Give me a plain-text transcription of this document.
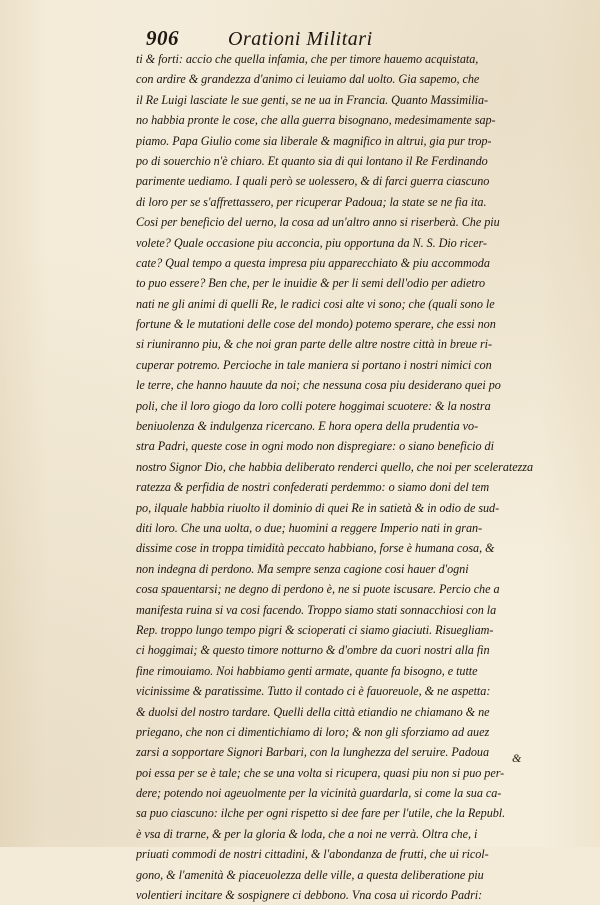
906 Orationi Militari
ti & forti: accio che quella infamia, che per timore hauemo acquistata,
con ardire & grandezza d'animo ci leuiamo dal uolto. Gia sapemo, che
il Re Luigi lasciate le sue genti, se ne ua in Francia. Quanto Massimilia-
no habbia pronte le cose, che alla guerra bisognano, medesimamente sap-
piamo. Papa Giulio come sia liberale & magnifico in altrui, gia pur trop-
po di souerchio n'è chiaro. Et quanto sia di qui lontano il Re Ferdinando
parimente uediamo. I quali però se uolessero, & di farci guerra ciascuno
di loro per se s'affrettassero, per ricuperar Padoua; la state se ne fia ita.
Cosi per beneficio del uerno, la cosa ad un'altro anno si riserberà. Che piu
volete? Quale occasione piu acconcia, piu opportuna da N. S. Dio ricer-
cate? Qual tempo a questa impresa piu apparecchiato & piu accommoda
to puo essere? Ben che, per le inuidie & per li semi dell'odio per adietro
nati ne gli animi di quelli Re, le radici cosi alte vi sono; che (quali sono le
fortune & le mutationi delle cose del mondo) potemo sperare, che essi non
si riuniranno piu, & che noi gran parte delle altre nostre città in breue ri-
cuperar potremo. Percioche in tale maniera si portano i nostri nimici con
le terre, che hanno hauute da noi; che nessuna cosa piu desiderano quei po
poli, che il loro giogo da loro colli potere hoggimai scuotere: & la nostra
beniuolenza & indulgenza ricercano. E hora opera della prudentia vo-
stra Padri, queste cose in ogni modo non dispregiare: o siano beneficio di
nostro Signor Dio, che habbia deliberato renderci quello, che noi per sceleratezza
ratezza & perfidia de nostri confederati perdemmo: o siamo doni del tem
po, ilquale habbia riuolto il dominio di quei Re in satietà & in odio de sud-
diti loro. Che una uolta, o due; huomini a reggere Imperio nati in gran-
dissime cose in troppa timidità peccato habbiano, forse è humana cosa, &
non indegna di perdono. Ma sempre senza cagione cosi hauer d'ogni
cosa spauentarsi; ne degno di perdono è, ne si puote iscusare. Percio che a
manifesta ruina si va cosi facendo. Troppo siamo stati sonnacchiosi con la
Rep. troppo lungo tempo pigri & scioperati ci siamo giaciuti. Risuegliam-
ci hoggimai; & questo timore notturno & d'ombre da cuori nostri alla fin
fine rimouiamo. Noi habbiamo genti armate, quante fa bisogno, e tutte
vicinissime & paratissime. Tutto il contado ci è fauoreuole, & ne aspetta:
& duolsi del nostro tardare. Quelli della città etiandio ne chiamano & ne
priegano, che non ci dimentichiamo di loro; & non gli sforziamo ad auez
zarsi a sopportare Signori Barbari, con la lunghezza del seruire. Padoua
poi essa per se è tale; che se una volta si ricupera, quasi piu non si puo per-
dere; potendo noi ageuolmente per la vicinità guardarla, si come la sua ca-
sa puo ciascuno: ilche per ogni rispetto si dee fare per l'utile, che la Republ.
è vsa di trarne, & per la gloria & loda, che a noi ne verrà. Oltra che, i
priuati commodi de nostri cittadini, & l'abondanza de frutti, che ui ricol-
gono, & l'amenità & piaceuolezza delle ville, a questa deliberatione piu
volentieri incitare & sospignere ci debbono. Vna cosa ui ricordo Padri:
&
